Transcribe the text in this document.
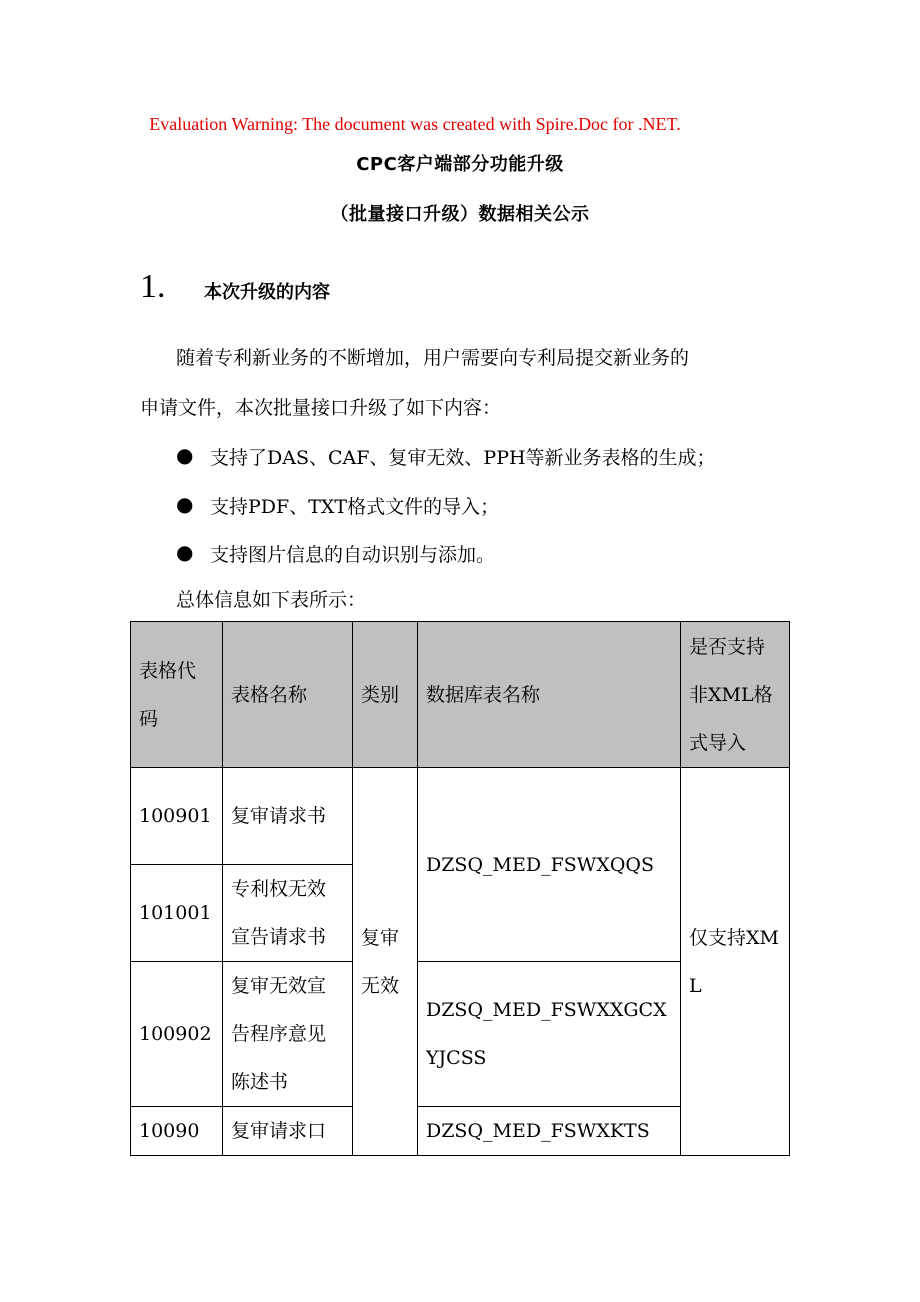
Evaluation Warning: The document was created with Spire.Doc for .NET.
CPC客户端部分功能升级
（批量接口升级）数据相关公示
1. 本次升级的内容
随着专利新业务的不断增加，用户需要向专利局提交新业务的
申请文件，本次批量接口升级了如下内容：
● 支持了DAS、CAF、复审无效、PPH等新业务表格的生成；
● 支持PDF、TXT格式文件的导入；
● 支持图片信息的自动识别与添加。
总体信息如下表所示：
表格代码	表格名称	类别	数据库表名称	是否支持非XML格式导入
100901	复审请求书	复审无效	DZSQ_MED_FSWXQQS	仅支持XML
101001	专利权无效宣告请求书			
100902	复审无效宣告程序意见陈述书		DZSQ_MED_FSWXXGCXYJCSS	
10090	复审请求口		DZSQ_MED_FSWXKTS	
